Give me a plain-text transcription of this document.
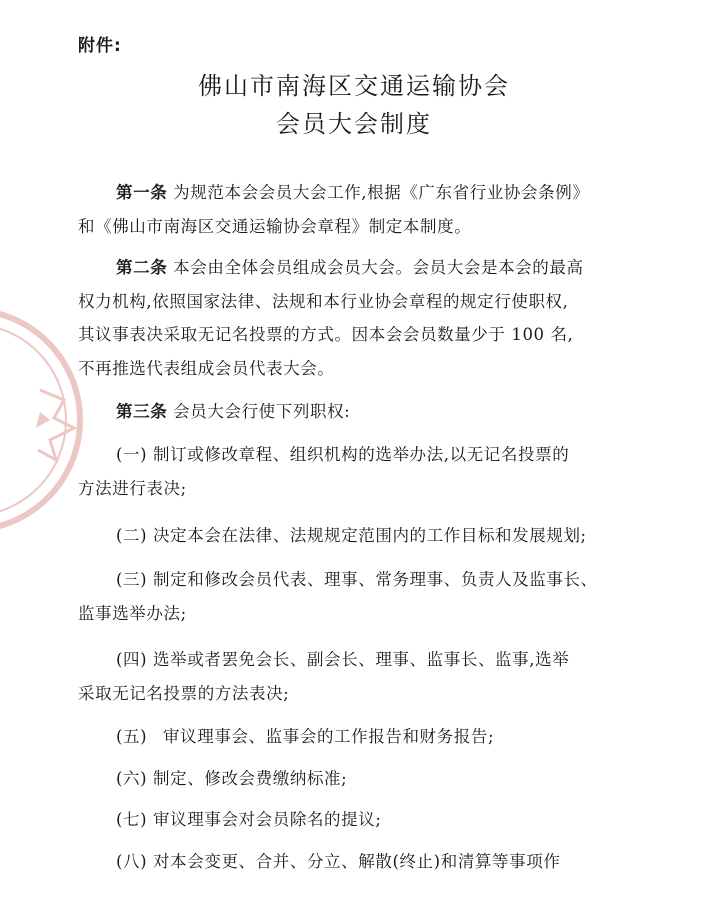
附件:
佛山市南海区交通运输协会
会员大会制度
第一条 为规范本会会员大会工作,根据《广东省行业协会条例》
和《佛山市南海区交通运输协会章程》制定本制度。
第二条 本会由全体会员组成会员大会。会员大会是本会的最高
权力机构,依照国家法律、法规和本行业协会章程的规定行使职权,
其议事表决采取无记名投票的方式。因本会会员数量少于 100 名,
不再推选代表组成会员代表大会。
第三条 会员大会行使下列职权:
(一) 制订或修改章程、组织机构的选举办法,以无记名投票的
方法进行表决;
(二) 决定本会在法律、法规规定范围内的工作目标和发展规划;
(三) 制定和修改会员代表、理事、常务理事、负责人及监事长、
监事选举办法;
(四) 选举或者罢免会长、副会长、理事、监事长、监事,选举
采取无记名投票的方法表决;
(五) 审议理事会、监事会的工作报告和财务报告;
(六) 制定、修改会费缴纳标准;
(七) 审议理事会对会员除名的提议;
(八) 对本会变更、合并、分立、解散(终止)和清算等事项作
